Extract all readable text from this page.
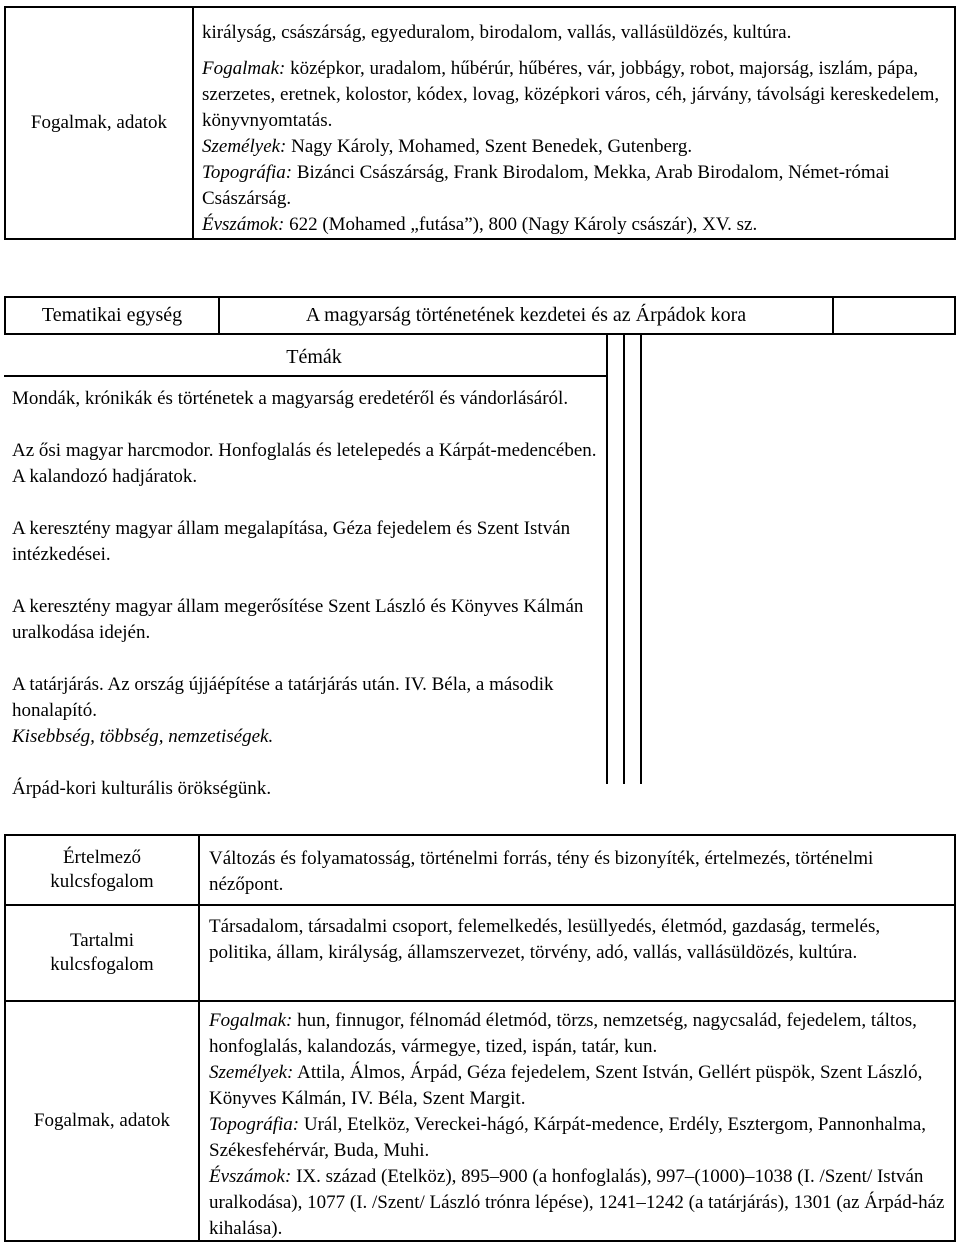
Fogalmak, adatok

királyság, császárság, egyeduralom, birodalom, vallás, vallásüldözés, kultúra.

Fogalmak: középkor, uradalom, hűbérúr, hűbéres, vár, jobbágy, robot, majorság, iszlám, pápa, szerzetes, eretnek, kolostor, kódex, lovag, középkori város, céh, járvány, távolsági kereskedelem, könyvnyomtatás.

Személyek: Nagy Károly, Mohamed, Szent Benedek, Gutenberg.

Topográfia: Bizánci Császárság, Frank Birodalom, Mekka, Arab Birodalom, Német-római Császárság.

Évszámok: 622 (Mohamed „futása”), 800 (Nagy Károly császár), XV. sz.

Tematikai egység	A magyarság történetének kezdetei és az Árpádok kora
Témák

Mondák, krónikák és történetek a magyarság eredetéről és vándorlásáról.

Az ősi magyar harcmodor. Honfoglalás és letelepedés a Kárpát-medencében. A kalandozó hadjáratok.

A keresztény magyar állam megalapítása, Géza fejedelem és Szent István intézkedései.

A keresztény magyar állam megerősítése Szent László és Könyves Kálmán uralkodása idején.

A tatárjárás. Az ország újjáépítése a tatárjárás után. IV. Béla, a második honalapító.

Kisebbség, többség, nemzetiségek.

Árpád-kori kulturális örökségünk.

Értelmező kulcsfogalom

Változás és folyamatosság, történelmi forrás, tény és bizonyíték, értelmezés, történelmi nézőpont.

Tartalmi kulcsfogalom

Társadalom, társadalmi csoport, felemelkedés, lesüllyedés, életmód, gazdaság, termelés, politika, állam, királyság, államszervezet, törvény, adó, vallás, vallásüldözés, kultúra.

Fogalmak, adatok

Fogalmak: hun, finnugor, félnomád életmód, törzs, nemzetség, nagycsalád, fejedelem, táltos, honfoglalás, kalandozás, vármegye, tized, ispán, tatár, kun.

Személyek: Attila, Álmos, Árpád, Géza fejedelem, Szent István, Gellért püspök, Szent László, Könyves Kálmán, IV. Béla, Szent Margit.

Topográfia: Urál, Etelköz, Vereckei-hágó, Kárpát-medence, Erdély, Esztergom, Pannonhalma, Székesfehérvár, Buda, Muhi.

Évszámok: IX. század (Etelköz), 895–900 (a honfoglalás), 997–(1000)–1038 (I. /Szent/ István uralkodása), 1077 (I. /Szent/ László trónra lépése), 1241–1242 (a tatárjárás), 1301 (az Árpád-ház kihalása).
